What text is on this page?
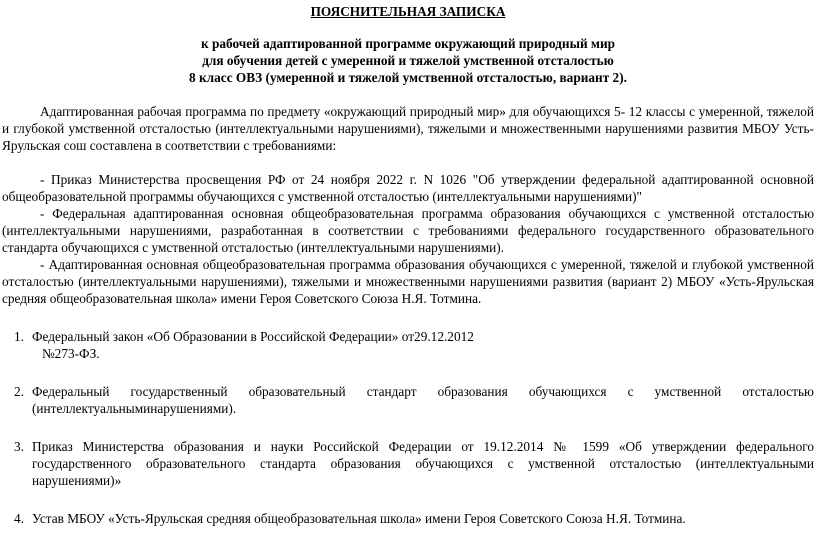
ПОЯСНИТЕЛЬНАЯ ЗАПИСКА

к рабочей адаптированной программе окружающий природный мир

для обучения детей с умеренной и тяжелой умственной отсталостью

8 класс ОВЗ (умеренной и тяжелой умственной отсталостью, вариант 2).

Адаптированная рабочая программа по предмету «окружающий природный мир» для обучающихся 5- 12 классы с умеренной, тяжелой и глубокой умственной отсталостью (интеллектуальными нарушениями), тяжелыми и множественными нарушениями развития МБОУ Усть-Ярульская сош составлена в соответствии с требованиями:

- Приказ Министерства просвещения РФ от 24 ноября 2022 г. N 1026 "Об утверждении федеральной адаптированной основной общеобразовательной программы обучающихся с умственной отсталостью (интеллектуальными нарушениями)"

- Федеральная адаптированная основная общеобразовательная программа образования обучающихся с умственной отсталостью (интеллектуальными нарушениями, разработанная в соответствии с требованиями федерального государственного образовательного стандарта обучающихся с умственной отсталостью (интеллектуальными нарушениями).

- Адаптированная основная общеобразовательная программа образования обучающихся с умеренной, тяжелой и глубокой умственной отсталостью (интеллектуальными нарушениями), тяжелыми и множественными нарушениями развития (вариант 2) МБОУ «Усть-Ярульская средняя общеобразовательная школа» имени Героя Советского Союза Н.Я. Тотмина.

1. Федеральный закон «Об Образовании в Российской Федерации» от29.12.2012

№273-ФЗ.

2. Федеральный государственный образовательный стандарт образования обучающихся с умственной отсталостью (интеллектуальныминарушениями).
3. Приказ Министерства образования и науки Российской Федерации от 19.12.2014 № 1599 «Об утверждении федерального государственного образовательного стандарта образования обучающихся с умственной отсталостью (интеллектуальными нарушениями)»
4. Устав МБОУ «Усть-Ярульская средняя общеобразовательная школа» имени Героя Советского Союза Н.Я. Тотмина.
